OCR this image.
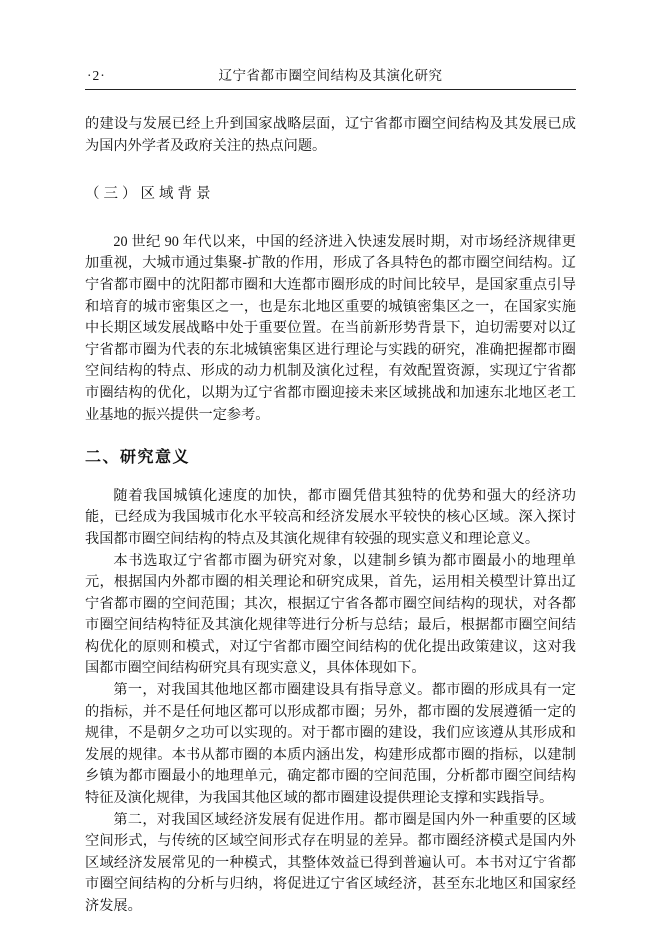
·2·	辽宁省都市圈空间结构及其演化研究

的建设与发展已经上升到国家战略层面，辽宁省都市圈空间结构及其发展已成为国内外学者及政府关注的热点问题。

（三）区域背景

20 世纪 90 年代以来，中国的经济进入快速发展时期，对市场经济规律更加重视，大城市通过集聚-扩散的作用，形成了各具特色的都市圈空间结构。辽宁省都市圈中的沈阳都市圈和大连都市圈形成的时间比较早，是国家重点引导和培育的城市密集区之一，也是东北地区重要的城镇密集区之一，在国家实施中长期区域发展战略中处于重要位置。在当前新形势背景下，迫切需要对以辽宁省都市圈为代表的东北城镇密集区进行理论与实践的研究，准确把握都市圈空间结构的特点、形成的动力机制及演化过程，有效配置资源，实现辽宁省都市圈结构的优化，以期为辽宁省都市圈迎接未来区域挑战和加速东北地区老工业基地的振兴提供一定参考。

二、研究意义

随着我国城镇化速度的加快，都市圈凭借其独特的优势和强大的经济功能，已经成为我国城市化水平较高和经济发展水平较快的核心区域。深入探讨我国都市圈空间结构的特点及其演化规律有较强的现实意义和理论意义。

本书选取辽宁省都市圈为研究对象，以建制乡镇为都市圈最小的地理单元，根据国内外都市圈的相关理论和研究成果，首先，运用相关模型计算出辽宁省都市圈的空间范围；其次，根据辽宁省各都市圈空间结构的现状，对各都市圈空间结构特征及其演化规律等进行分析与总结；最后，根据都市圈空间结构优化的原则和模式，对辽宁省都市圈空间结构的优化提出政策建议，这对我国都市圈空间结构研究具有现实意义，具体体现如下。

第一，对我国其他地区都市圈建设具有指导意义。都市圈的形成具有一定的指标，并不是任何地区都可以形成都市圈；另外，都市圈的发展遵循一定的规律，不是朝夕之功可以实现的。对于都市圈的建设，我们应该遵从其形成和发展的规律。本书从都市圈的本质内涵出发，构建形成都市圈的指标，以建制乡镇为都市圈最小的地理单元，确定都市圈的空间范围，分析都市圈空间结构特征及演化规律，为我国其他区域的都市圈建设提供理论支撑和实践指导。

第二，对我国区域经济发展有促进作用。都市圈是国内外一种重要的区域空间形式，与传统的区域空间形式存在明显的差异。都市圈经济模式是国内外区域经济发展常见的一种模式，其整体效益已得到普遍认可。本书对辽宁省都市圈空间结构的分析与归纳，将促进辽宁省区域经济，甚至东北地区和国家经济发展。
